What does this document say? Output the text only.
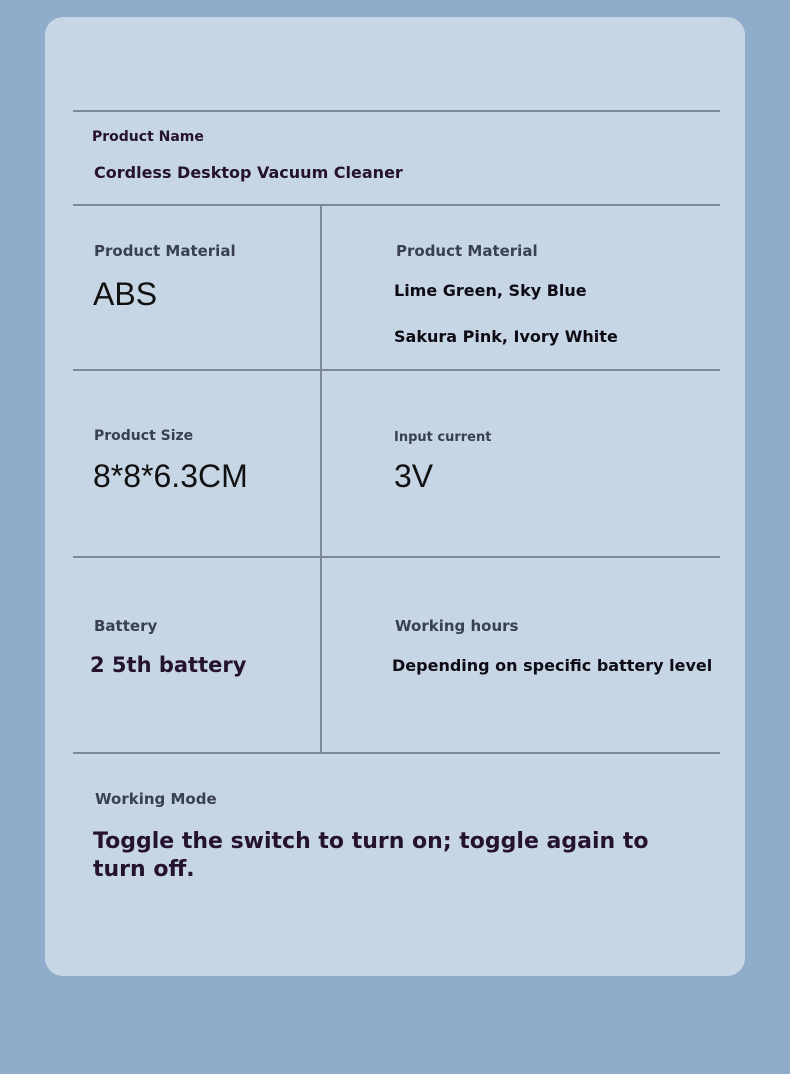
Product Name
Cordless Desktop Vacuum Cleaner
Product Material
ABS
Product Material
Lime Green, Sky Blue
Sakura Pink, Ivory White
Product Size
8*8*6.3CM
Input current
3V
Battery
2 5th battery
Working hours
Depending on specific battery level
Working Mode
Toggle the switch to turn on; toggle again to
turn off.
